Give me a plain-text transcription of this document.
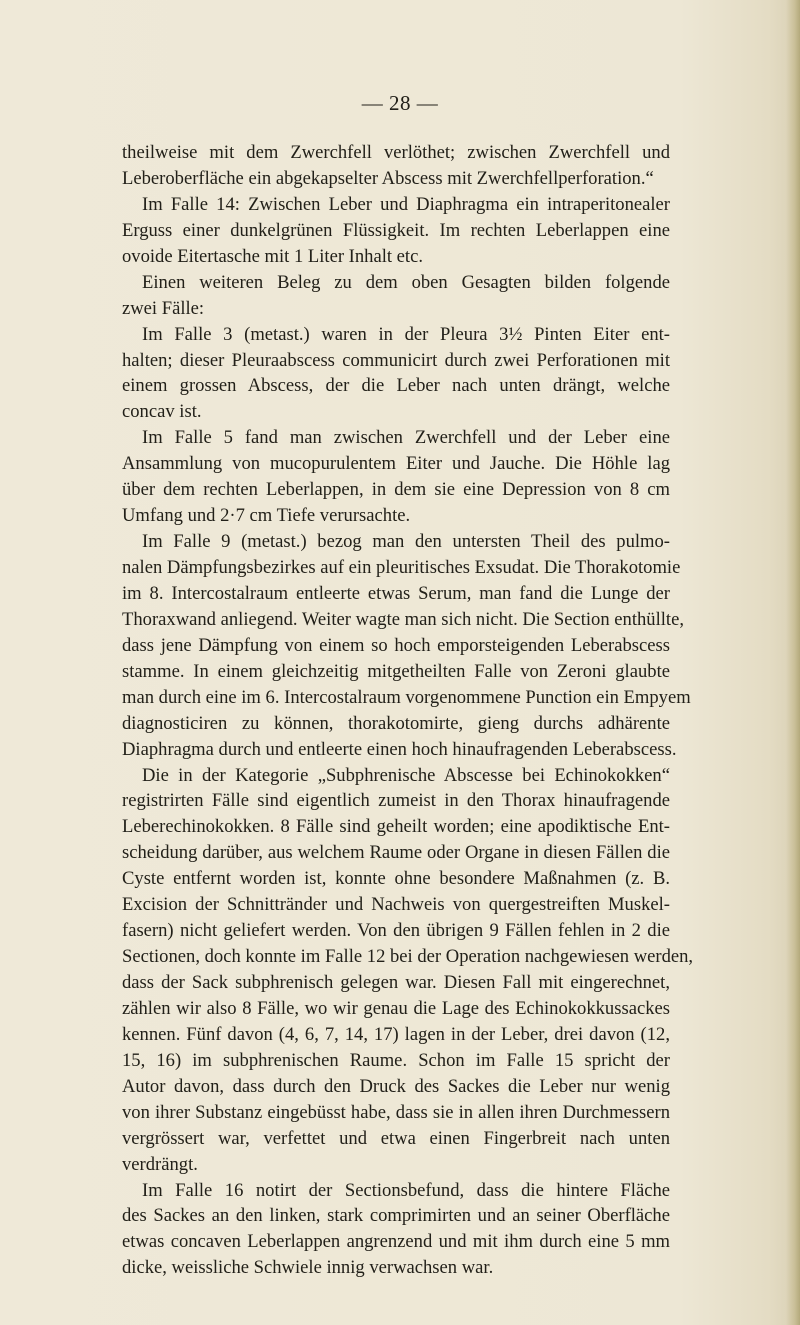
— 28 —
theilweise mit dem Zwerchfell verlöthet; zwischen Zwerchfell und
Leberoberfläche ein abgekapselter Abscess mit Zwerchfellperforation.“
Im Falle 14: Zwischen Leber und Diaphragma ein intraperitonealer
Erguss einer dunkelgrünen Flüssigkeit. Im rechten Leberlappen eine
ovoide Eitertasche mit 1 Liter Inhalt etc.
Einen weiteren Beleg zu dem oben Gesagten bilden folgende
zwei Fälle:
Im Falle 3 (metast.) waren in der Pleura 3½ Pinten Eiter ent-
halten; dieser Pleuraabscess communicirt durch zwei Perforationen mit
einem grossen Abscess, der die Leber nach unten drängt, welche
concav ist.
Im Falle 5 fand man zwischen Zwerchfell und der Leber eine
Ansammlung von mucopurulentem Eiter und Jauche. Die Höhle lag
über dem rechten Leberlappen, in dem sie eine Depression von 8 cm
Umfang und 2·7 cm Tiefe verursachte.
Im Falle 9 (metast.) bezog man den untersten Theil des pulmo-
nalen Dämpfungsbezirkes auf ein pleuritisches Exsudat. Die Thorakotomie
im 8. Intercostalraum entleerte etwas Serum, man fand die Lunge der
Thoraxwand anliegend. Weiter wagte man sich nicht. Die Section enthüllte,
dass jene Dämpfung von einem so hoch emporsteigenden Leberabscess
stamme. In einem gleichzeitig mitgetheilten Falle von Zeroni glaubte
man durch eine im 6. Intercostalraum vorgenommene Punction ein Empyem
diagnosticiren zu können, thorakotomirte, gieng durchs adhärente
Diaphragma durch und entleerte einen hoch hinaufragenden Leberabscess.
Die in der Kategorie „Subphrenische Abscesse bei Echinokokken“
registrirten Fälle sind eigentlich zumeist in den Thorax hinaufragende
Leberechinokokken. 8 Fälle sind geheilt worden; eine apodiktische Ent-
scheidung darüber, aus welchem Raume oder Organe in diesen Fällen die
Cyste entfernt worden ist, konnte ohne besondere Maßnahmen (z. B.
Excision der Schnittränder und Nachweis von quergestreiften Muskel-
fasern) nicht geliefert werden. Von den übrigen 9 Fällen fehlen in 2 die
Sectionen, doch konnte im Falle 12 bei der Operation nachgewiesen werden,
dass der Sack subphrenisch gelegen war. Diesen Fall mit eingerechnet,
zählen wir also 8 Fälle, wo wir genau die Lage des Echinokokkussackes
kennen. Fünf davon (4, 6, 7, 14, 17) lagen in der Leber, drei davon (12,
15, 16) im subphrenischen Raume. Schon im Falle 15 spricht der
Autor davon, dass durch den Druck des Sackes die Leber nur wenig
von ihrer Substanz eingebüsst habe, dass sie in allen ihren Durchmessern
vergrössert war, verfettet und etwa einen Fingerbreit nach unten
verdrängt.
Im Falle 16 notirt der Sectionsbefund, dass die hintere Fläche
des Sackes an den linken, stark comprimirten und an seiner Oberfläche
etwas concaven Leberlappen angrenzend und mit ihm durch eine 5 mm
dicke, weissliche Schwiele innig verwachsen war.
